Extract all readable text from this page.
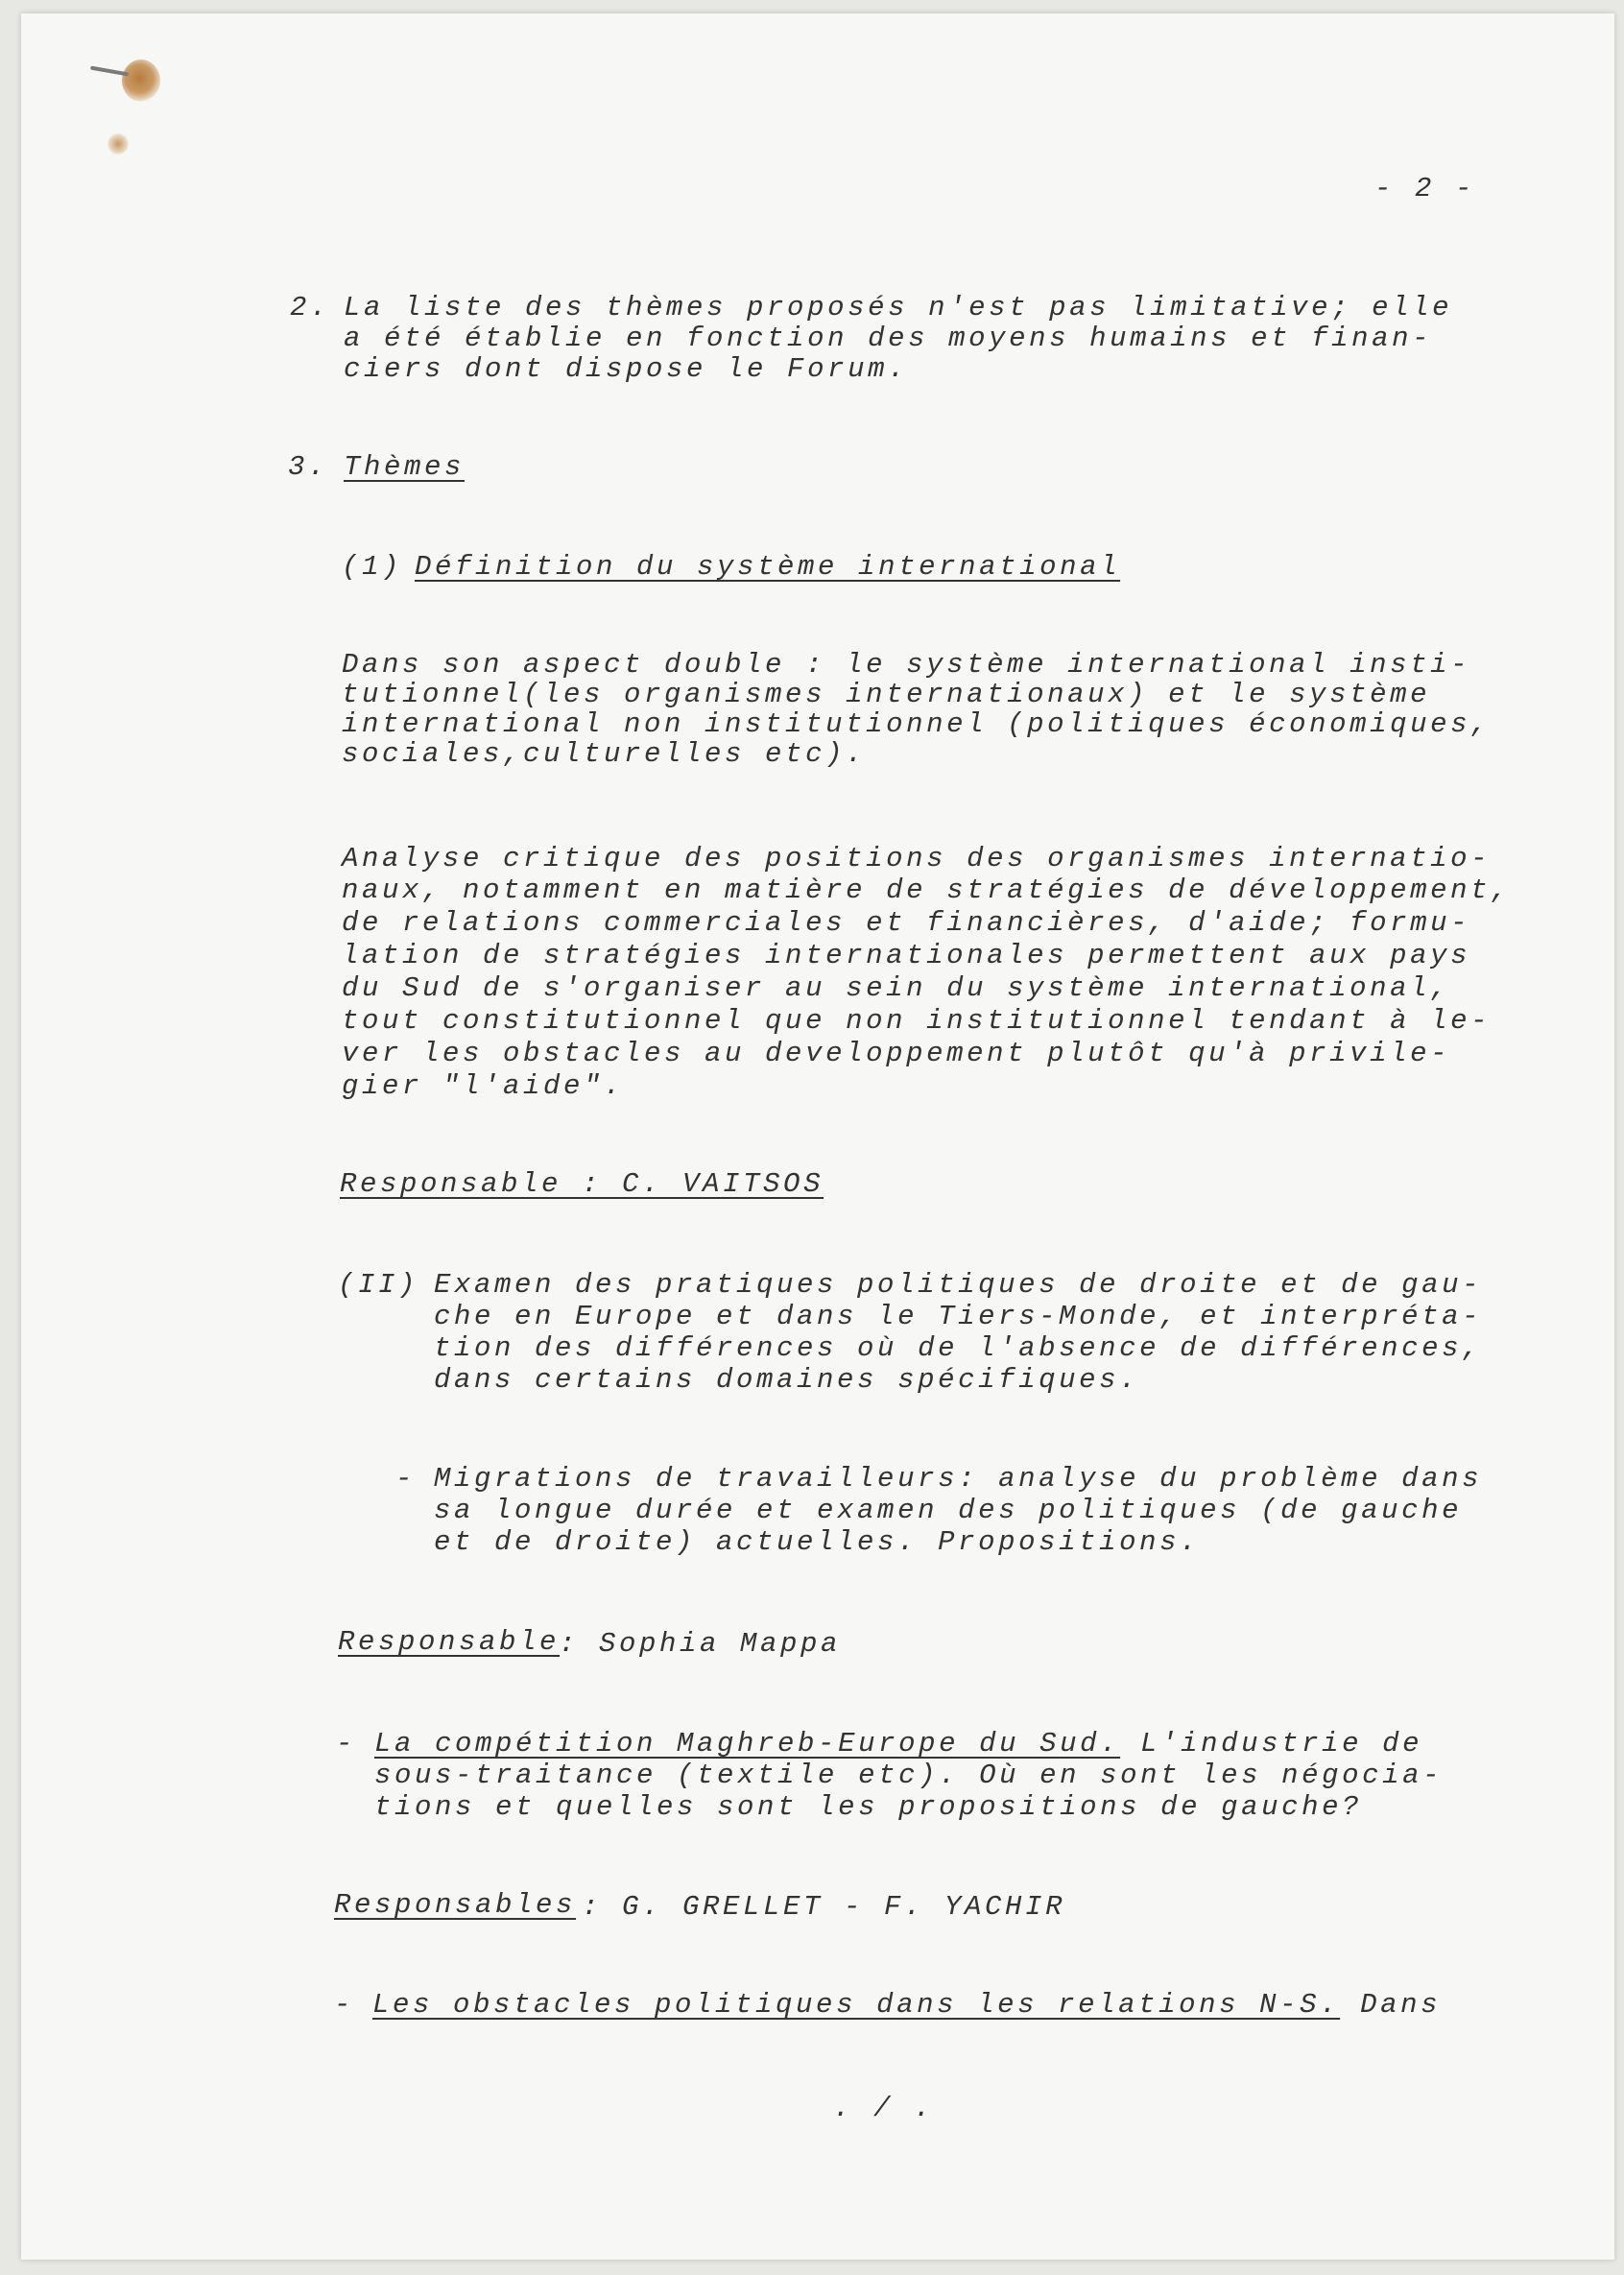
- 2 -

2. La liste des thèmes proposés n'est pas limitative; elle

a été établie en fonction des moyens humains et finan-

ciers dont dispose le Forum.

3. Thèmes

(1) Définition du système international

Dans son aspect double : le système international insti-

tutionnel(les organismes internationaux) et le système

international non institutionnel (politiques économiques,

sociales,culturelles etc).

Analyse critique des positions des organismes internatio-

naux, notamment en matière de stratégies de développement,

de relations commerciales et financières, d'aide; formu-

lation de stratégies internationales permettent aux pays

du Sud de s'organiser au sein du système international,

tout constitutionnel que non institutionnel tendant à le-

ver les obstacles au developpement plutôt qu'à privile-

gier "l'aide".

Responsable : C. VAITSOS

(II) Examen des pratiques politiques de droite et de gau-

che en Europe et dans le Tiers-Monde, et interpréta-

tion des différences où de l'absence de différences,

dans certains domaines spécifiques.

- Migrations de travailleurs: analyse du problème dans

sa longue durée et examen des politiques (de gauche

et de droite) actuelles. Propositions.

Responsable

: Sophia Mappa

- La compétition Maghreb-Europe du Sud. L'industrie de

sous-traitance (textile etc). Où en sont les négocia-

tions et quelles sont les propositions de gauche?

Responsables : G. GRELLET - F. YACHIR

- Les obstacles politiques dans les relations N-S. Dans

. / .
